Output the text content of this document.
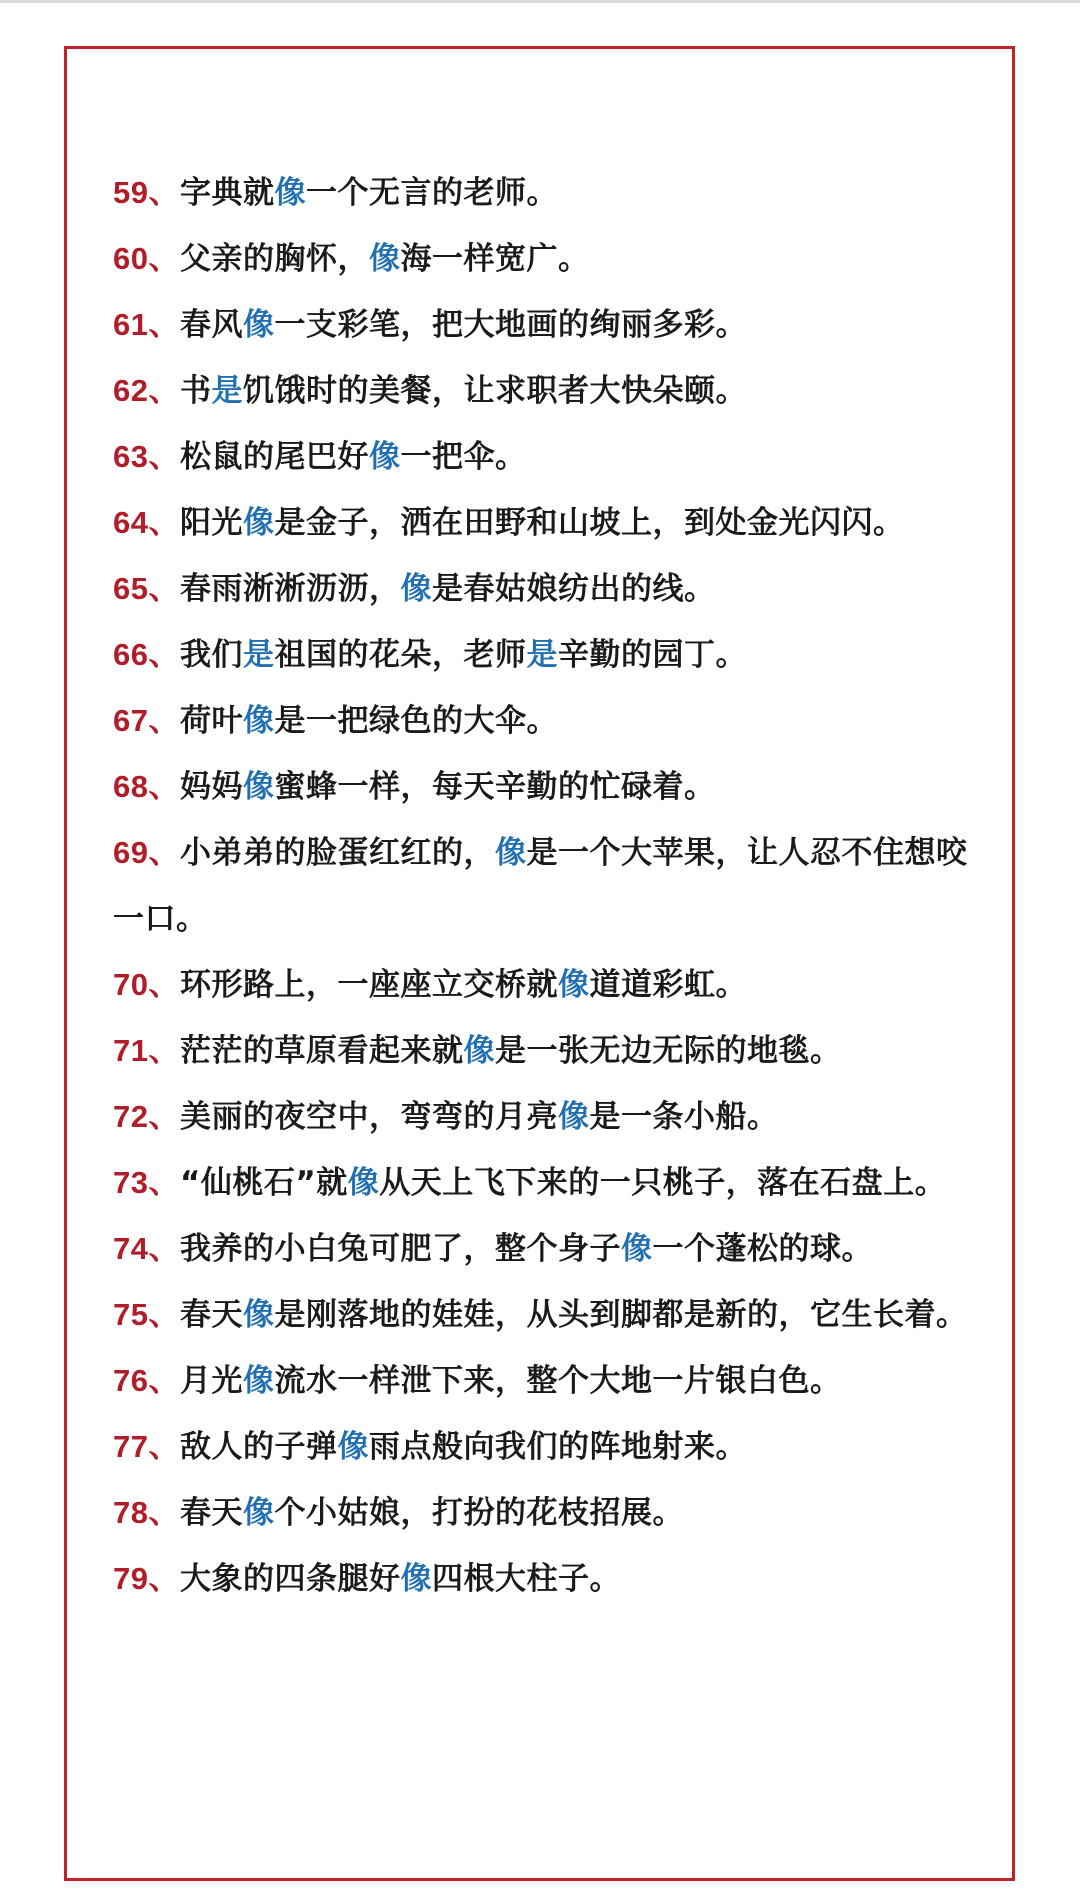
59、字典就像一个无言的老师。
60、父亲的胸怀，像海一样宽广。
61、春风像一支彩笔，把大地画的绚丽多彩。
62、书是饥饿时的美餐，让求职者大快朵颐。
63、松鼠的尾巴好像一把伞。
64、阳光像是金子，洒在田野和山坡上，到处金光闪闪。
65、春雨淅淅沥沥，像是春姑娘纺出的线。
66、我们是祖国的花朵，老师是辛勤的园丁。
67、荷叶像是一把绿色的大伞。
68、妈妈像蜜蜂一样，每天辛勤的忙碌着。
69、小弟弟的脸蛋红红的，像是一个大苹果，让人忍不住想咬一口。
70、环形路上，一座座立交桥就像道道彩虹。
71、茫茫的草原看起来就像是一张无边无际的地毯。
72、美丽的夜空中，弯弯的月亮像是一条小船。
73、“仙桃石”就像从天上飞下来的一只桃子，落在石盘上。
74、我养的小白兔可肥了，整个身子像一个蓬松的球。
75、春天像是刚落地的娃娃，从头到脚都是新的，它生长着。
76、月光像流水一样泄下来，整个大地一片银白色。
77、敌人的子弹像雨点般向我们的阵地射来。
78、春天像个小姑娘，打扮的花枝招展。
79、大象的四条腿好像四根大柱子。
